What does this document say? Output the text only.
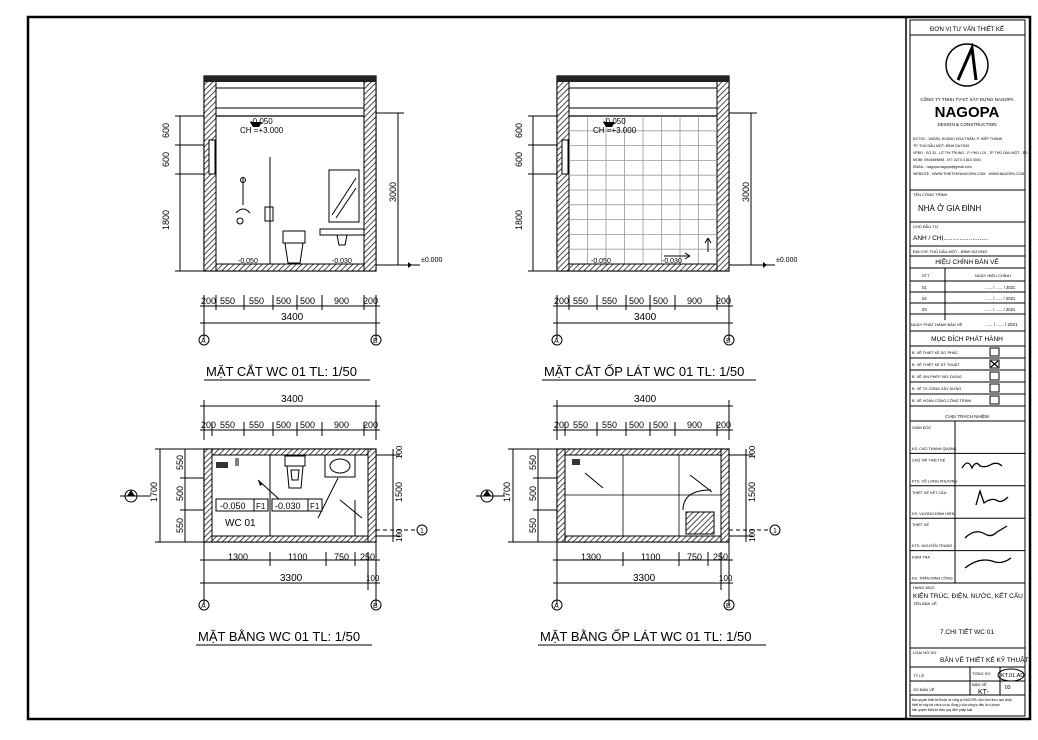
-0.050
CH =+3.000
-0.050	-0.030	±0.000
600
600
1800
3000
200 550 550 500 500 900 200
3400
A	B
MẶT CẮT WC 01 TL: 1/50
-0.050
CH =+3.000
-0.050	-0.030	±0.000
600
600
1800
3000
200 550 550 500 500 900 200
3400
A	B
MẶT CẮT ỐP LÁT WC 01 TL: 1/50
-0.050 F1 -0.030 F1
WC 01
3400
200 550 550 500 500 900 200
1700
550
500
550
100
1500
100
1300	1100	750 250
3300	100
A	B
1
MẶT BẰNG WC 01 TL: 1/50
3400
200 550 550 500 500 900 200
1700
550
500
550
100
1500
100
1300	1100	750 250
3300	100
A	B
1
MẶT BẰNG ỐP LÁT WC 01 TL: 1/50
ĐƠN VỊ TƯ VẤN THIẾT KẾ
CÔNG TY TNHH TV-KT XÂY DỰNG NAGOPA
NAGOPA
DESIGN & CONSTRUCTION
ĐCTSC : 19/02B, HOÀNG HOA THÁM, P. HIỆP THÀNH
TP. THỦ DẦU MỘT, BÌNH DƯƠNG
VPĐD : SỐ 32 - LÊ THỊ TRUNG - P. PHÚ LỢI - TP THỦ DẦU MỘT - BD
MOBI: 0944989898 - ĐT: 0274 3 815 0000
EMAIL : nagopa.nagopa@gmail.com
WEBSITE : WWW.THIETKENHAGOPA.COM - WWW.NAGOPA.COM
TÊN CÔNG TRÌNH
NHÀ Ở GIA ĐÌNH
CHỦ ĐẦU TƯ
ANH / CHỊ.........................
ĐỊA CHỈ: THỦ DẦU MỘT - BÌNH DƯƠNG
HIỆU CHỈNH BẢN VẼ
STT	NGÀY HIỆU CHỈNH
01	...... / ...... / 2021
02	...... / ...... / 2021
03	...... / ...... / 2021
NGÀY PHÁT HÀNH BẢN VẼ	...... / ...... / 2021
MỤC ĐÍCH PHÁT HÀNH
B. VẼ THIẾT KẾ SƠ PHÁC
B. VẼ THIẾT KẾ KỸ THUẬT
B. VẼ XIN PHÉP XÂY DỰNG
B. VẼ TK CÔNG XÂY DỰNG
B. VẼ HOÀN CÔNG CÔNG TRÌNH
CHỊU TRÁCH NHIỆM
GIÁM ĐỐC
KS. CAO THANH QUANG
CHỦ TRÌ THIẾT KẾ
KTS. VÕ LONG PHƯƠNG
THIẾT KẾ KẾT CẤU
KS. VƯƠNG ĐÌNH HIỀN
THIẾT KẾ
KTS. NGUYỄN TRUNG
KIỂM TRA
KS. TRẦN MINH CÔNG
HẠNG MỤC
KIẾN TRÚC, ĐIỆN, NƯỚC, KẾT CẤU
TÊN BẢN VẼ
7.CHI TIẾT WC 01
LOẠI HỒ SƠ
BẢN VẼ THIẾT KẾ KỸ THUẬT
TỶ LỆ	TỔNG SỐ
BẢN VẼ
KT.01.AD
03
SỐ BẢN VẼ	KT-
Bản quyền thiết kế thuộc về công ty NAGOPA. Mọi hình thức sao chép
thiết kế này khi chưa có sự đồng ý của công ty đều là vi phạm
bản quyền thiết kế theo quy định pháp luật.
